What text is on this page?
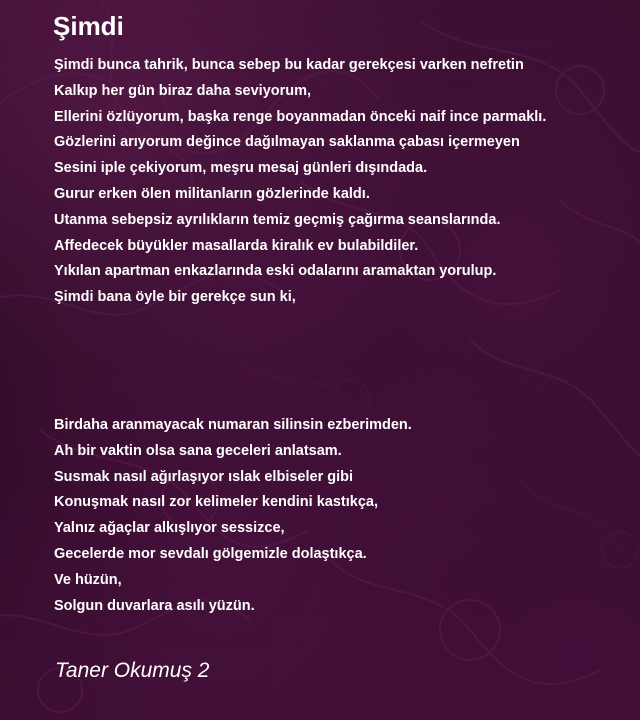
Şimdi
Şimdi bunca tahrik, bunca sebep bu kadar gerekçesi varken nefretin
Kalkıp her gün biraz daha seviyorum,
Ellerini özlüyorum, başka renge boyanmadan önceki naif ince parmaklı.
Gözlerini arıyorum değince dağılmayan saklanma çabası içermeyen
Sesini iple çekiyorum, meşru mesaj günleri dışındada.
Gurur erken ölen militanların gözlerinde kaldı.
Utanma sebepsiz ayrılıkların temiz geçmiş çağırma seanslarında.
Affedecek büyükler masallarda kiralık ev bulabildiler.
Yıkılan apartman enkazlarında eski odalarını aramaktan yorulup.
Şimdi bana öyle bir gerekçe sun ki,
Birdaha aranmayacak numaran silinsin ezberimden.
Ah bir vaktin olsa sana geceleri anlatsam.
Susmak nasıl ağırlaşıyor ıslak elbiseler gibi
Konuşmak nasıl zor kelimeler kendini kastıkça,
Yalnız ağaçlar alkışlıyor sessizce,
Gecelerde mor sevdalı gölgemizle dolaştıkça.
Ve hüzün,
Solgun duvarlara asılı yüzün.

Taner Okumuş 2
